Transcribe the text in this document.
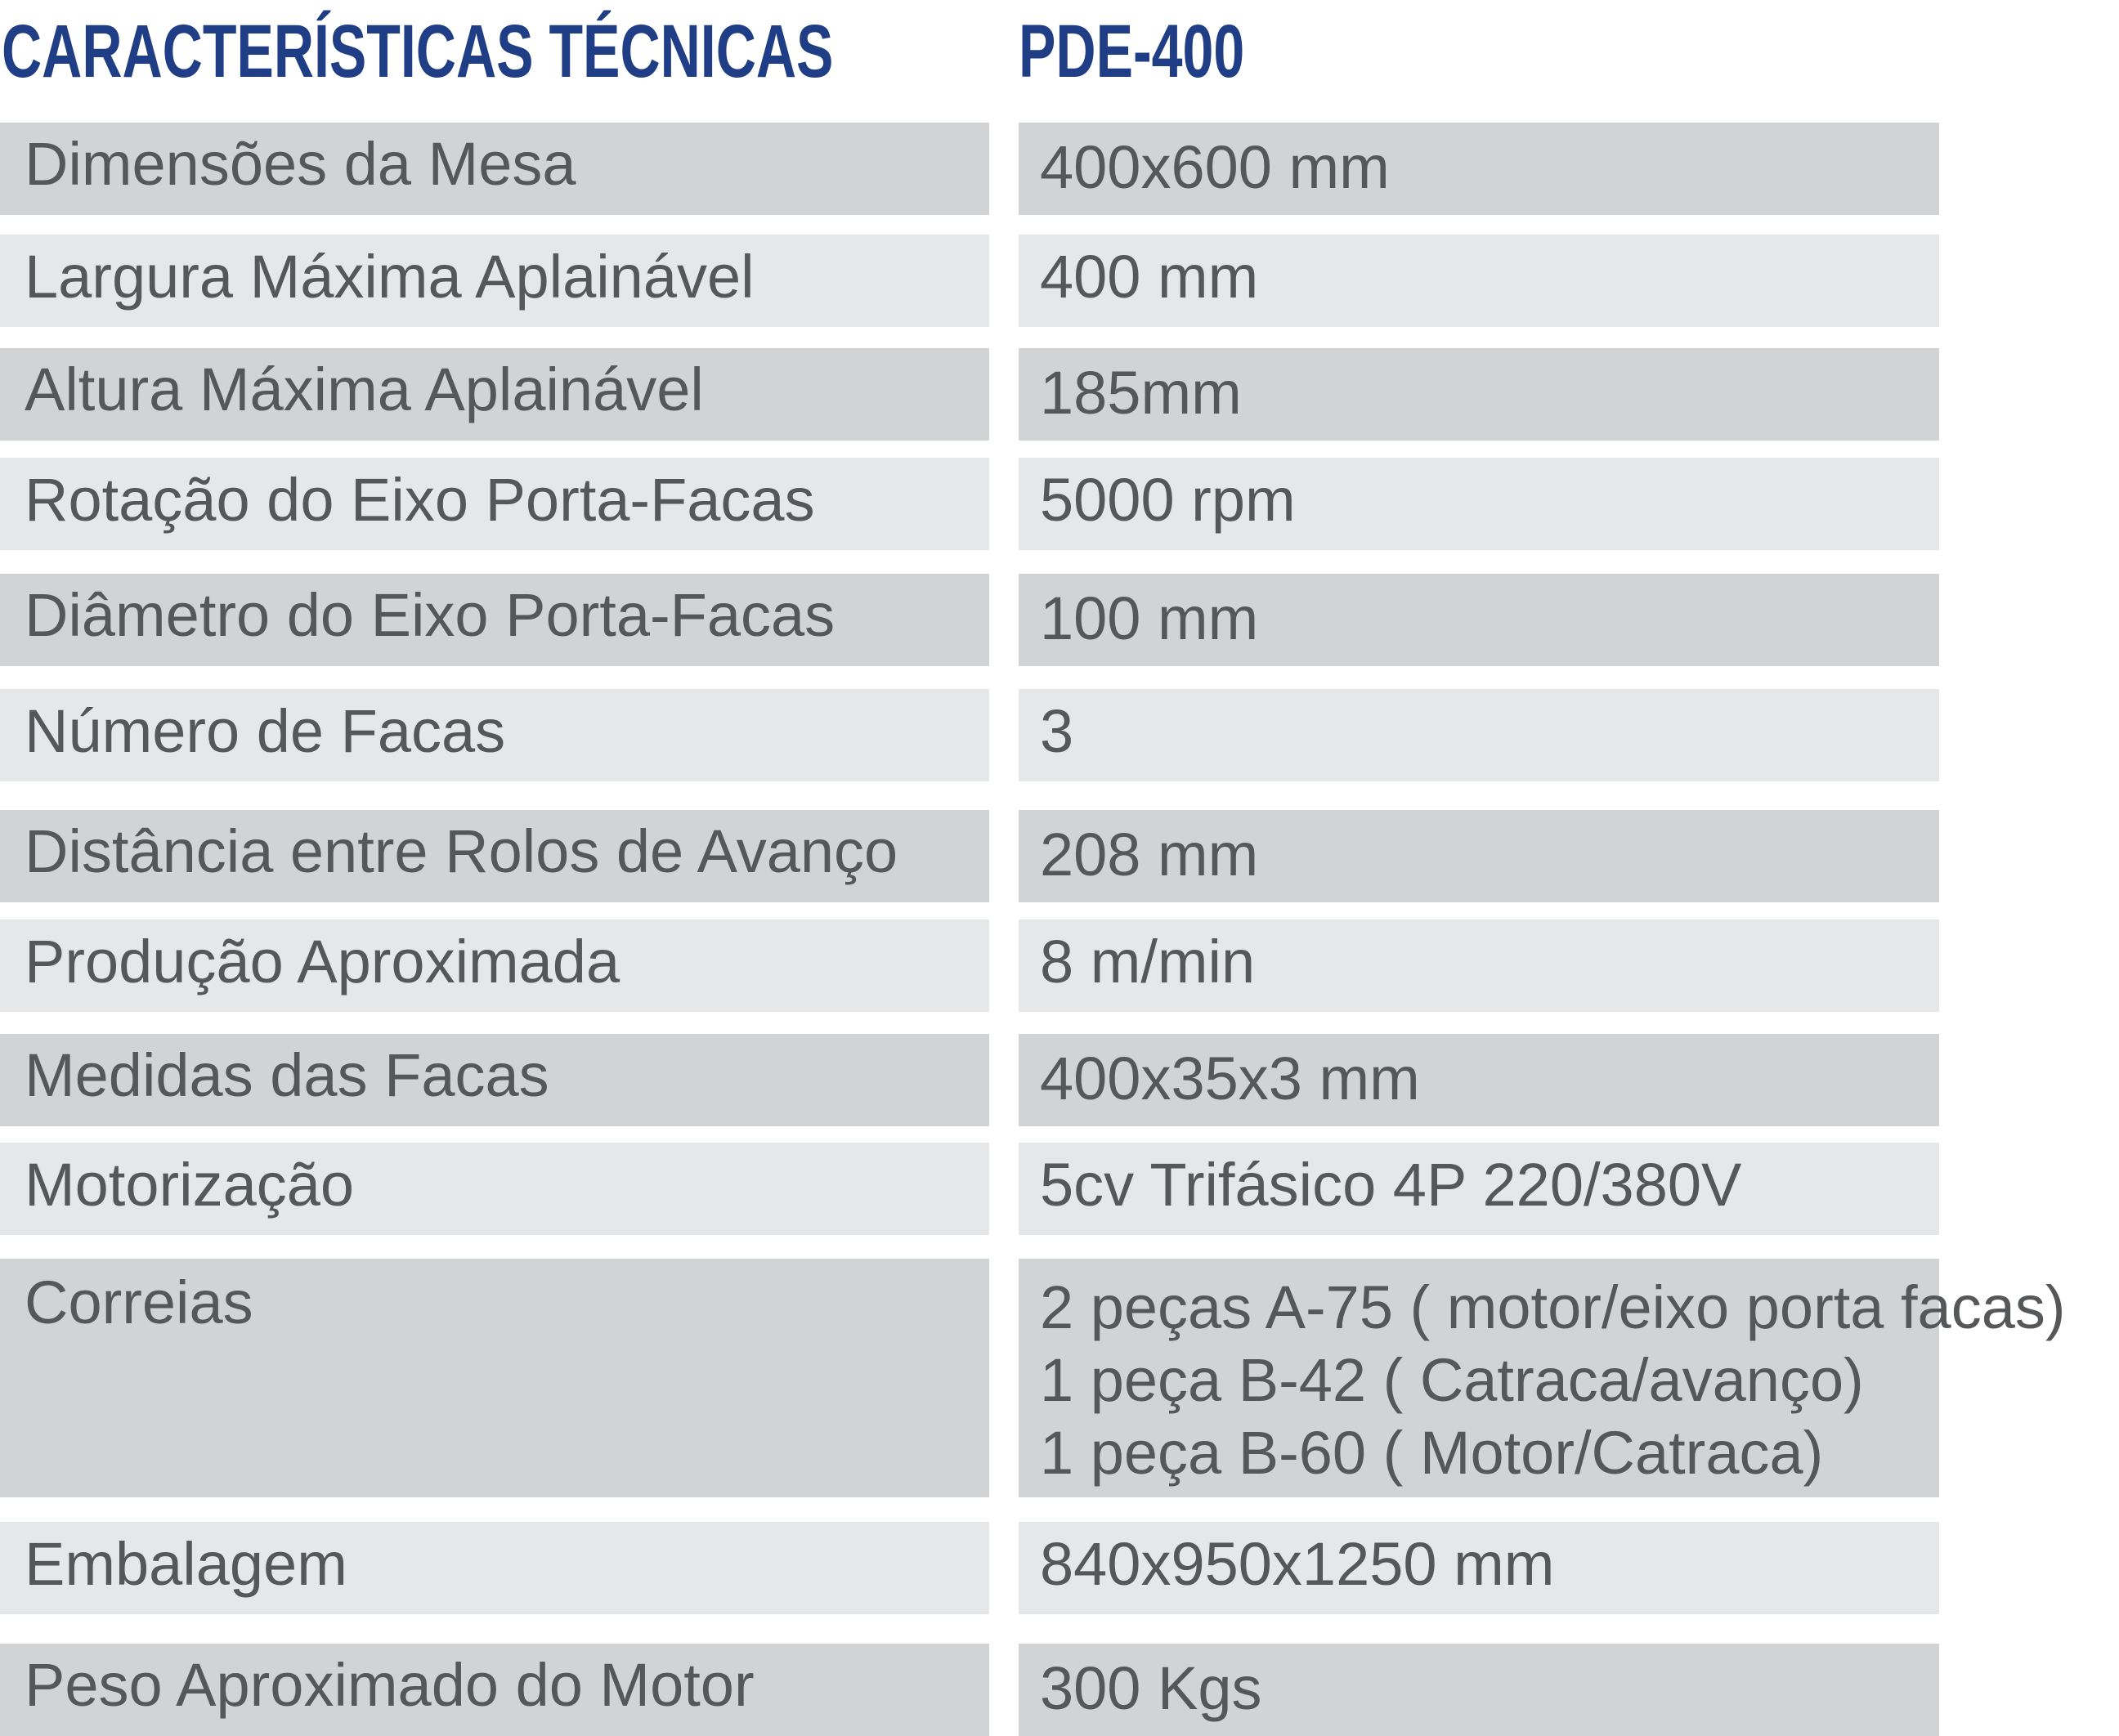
CARACTERÍSTICAS TÉCNICAS PDE-400
Dimensões da Mesa	400x600 mm
Largura Máxima Aplainável	400 mm
Altura Máxima Aplainável	185mm
Rotação do Eixo Porta-Facas	5000 rpm
Diâmetro do Eixo Porta-Facas	100 mm
Número de Facas	3
Distância entre Rolos de Avanço	208 mm
Produção Aproximada	8 m/min
Medidas das Facas	400x35x3 mm
Motorização	5cv Trifásico 4P 220/380V
Correias	2 peças A-75 ( motor/eixo porta facas)
1 peça B-42 ( Catraca/avanço)
1 peça B-60 ( Motor/Catraca)
Embalagem	840x950x1250 mm
Peso Aproximado do Motor	300 Kgs
